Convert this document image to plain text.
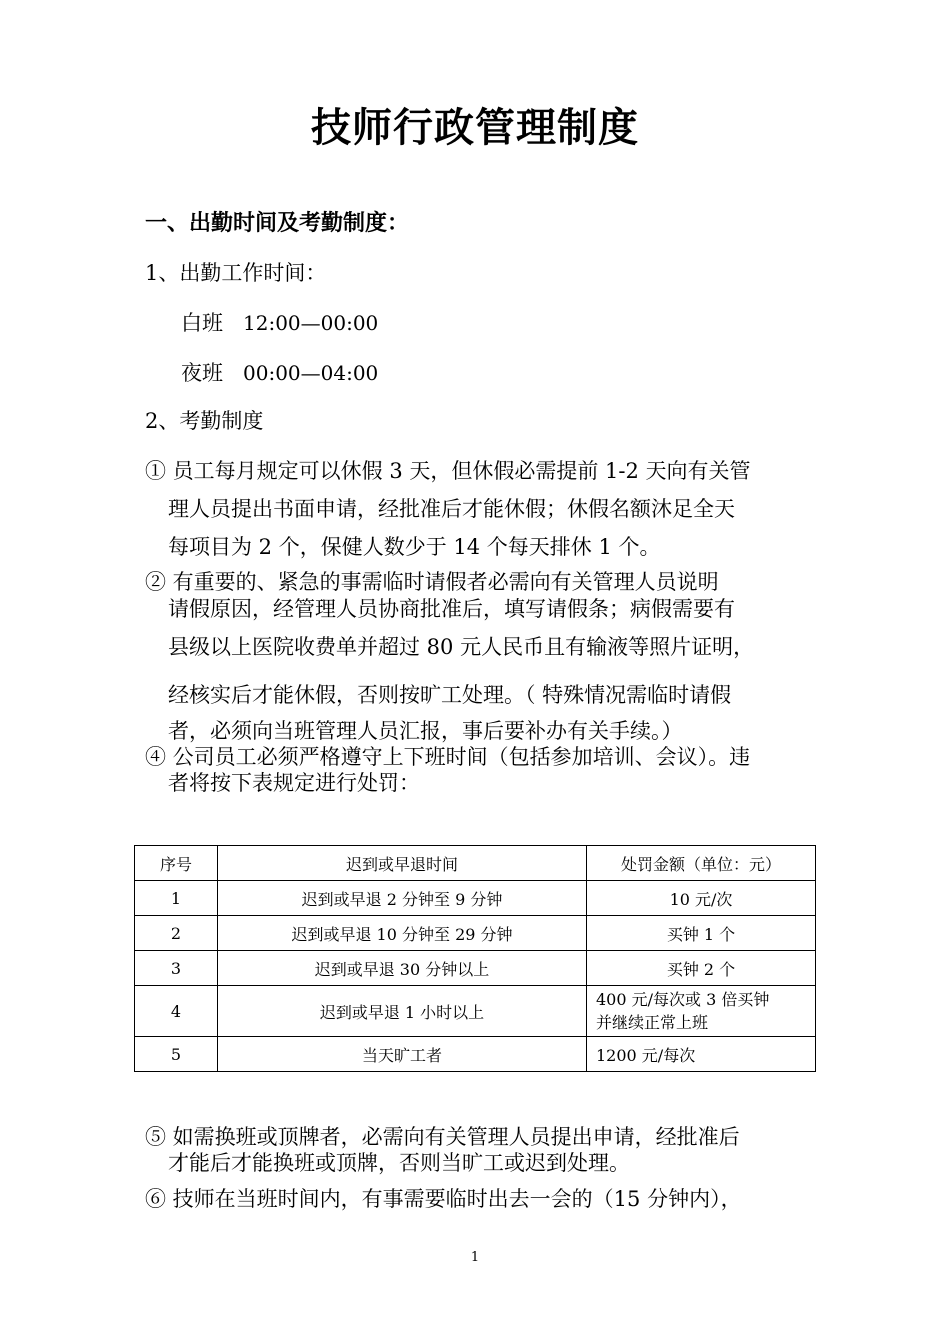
技师行政管理制度
一、出勤时间及考勤制度：
1、出勤工作时间：
白班 12:00—00:00
夜班 00:00—04:00
2、考勤制度
① 员工每月规定可以休假 3 天，但休假必需提前 1-2 天向有关管
理人员提出书面申请，经批准后才能休假；休假名额沐足全天
每项目为 2 个，保健人数少于 14 个每天排休 1 个。
② 有重要的、紧急的事需临时请假者必需向有关管理人员说明
请假原因，经管理人员协商批准后，填写请假条；病假需要有
县级以上医院收费单并超过 80 元人民币且有输液等照片证明，
经核实后才能休假，否则按旷工处理。（ 特殊情况需临时请假
者，必须向当班管理人员汇报，事后要补办有关手续。）
④ 公司员工必须严格遵守上下班时间（包括参加培训、会议）。违
者将按下表规定进行处罚：
序号	迟到或早退时间	处罚金额（单位：元）
1	迟到或早退 2 分钟至 9 分钟	10 元/次
2	迟到或早退 10 分钟至 29 分钟	买钟 1 个
3	迟到或早退 30 分钟以上	买钟 2 个
4	迟到或早退 1 小时以上	400 元/每次或 3 倍买钟
并继续正常上班

5	当天旷工者	1200 元/每次
⑤ 如需换班或顶牌者，必需向有关管理人员提出申请，经批准后
才能后才能换班或顶牌，否则当旷工或迟到处理。
⑥ 技师在当班时间内，有事需要临时出去一会的（15 分钟内），
1
